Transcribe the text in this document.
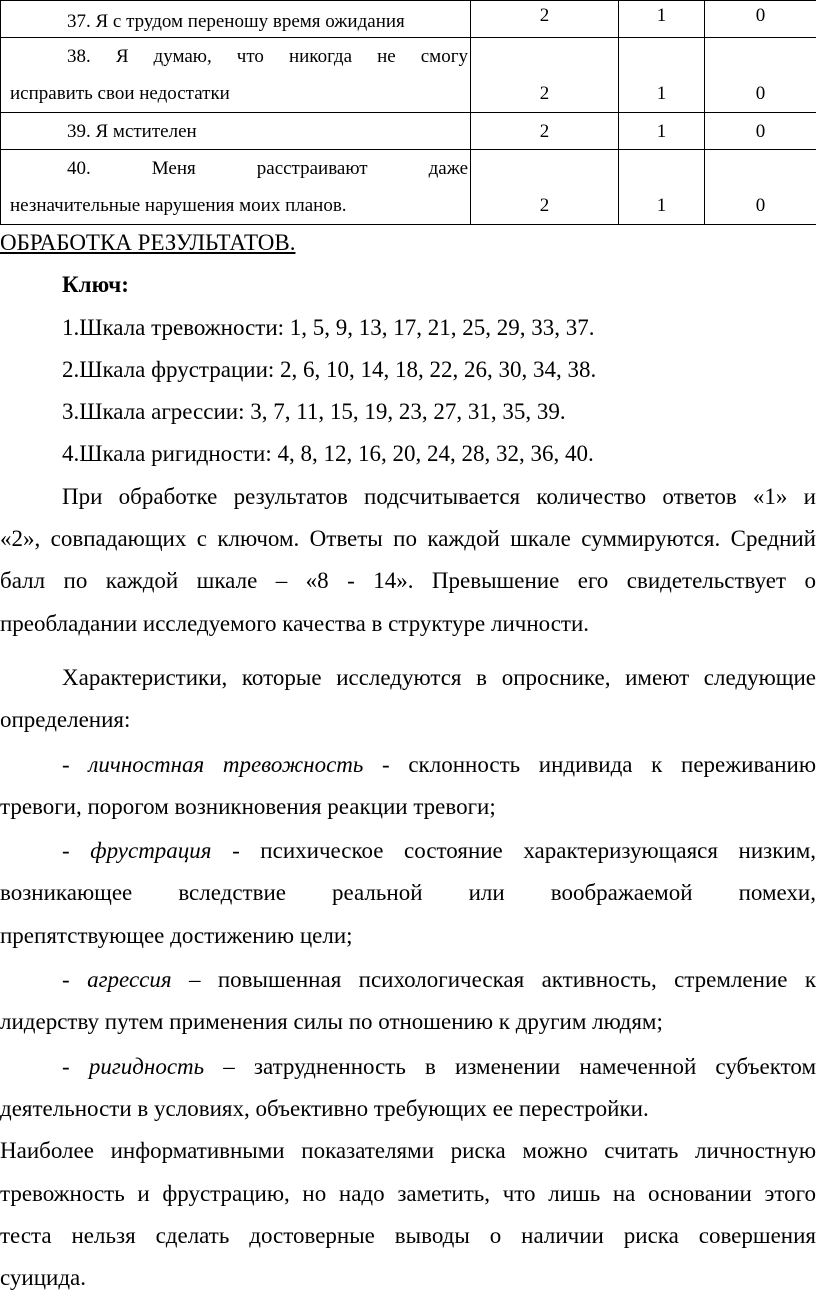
37. Я с трудом переношу время ожидания	2	1	0

38. Я думаю, что никогда не смогу
исправить свои недостатки	2	1	0

39. Я мстителен	2	1	0

40. Меня расстраивают даже
незначительные нарушения моих планов.	2	1	0
ОБРАБОТКА РЕЗУЛЬТАТОВ.
Ключ:
1.Шкала тревожности: 1, 5, 9, 13, 17, 21, 25, 29, 33, 37.
2.Шкала фрустрации: 2, 6, 10, 14, 18, 22, 26, 30, 34, 38.
3.Шкала агрессии: 3, 7, 11, 15, 19, 23, 27, 31, 35, 39.
4.Шкала ригидности: 4, 8, 12, 16, 20, 24, 28, 32, 36, 40.
При обработке результатов подсчитывается количество ответов «1» и
«2», совпадающих с ключом. Ответы по каждой шкале суммируются. Средний
балл по каждой шкале – «8 - 14». Превышение его свидетельствует о
преобладании исследуемого качества в структуре личности.
Характеристики, которые исследуются в опроснике, имеют следующие
определения:
- личностная тревожность - склонность индивида к переживанию
тревоги, порогом возникновения реакции тревоги;
- фрустрация - психическое состояние характеризующаяся низким,
возникающее вследствие реальной или воображаемой помехи,
препятствующее достижению цели;
- агрессия – повышенная психологическая активность, стремление к
лидерству путем применения силы по отношению к другим людям;
- ригидность – затрудненность в изменении намеченной субъектом
деятельности в условиях, объективно требующих ее перестройки.
Наиболее информативными показателями риска можно считать личностную
тревожность и фрустрацию, но надо заметить, что лишь на основании этого
теста нельзя сделать достоверные выводы о наличии риска совершения
суицида.
